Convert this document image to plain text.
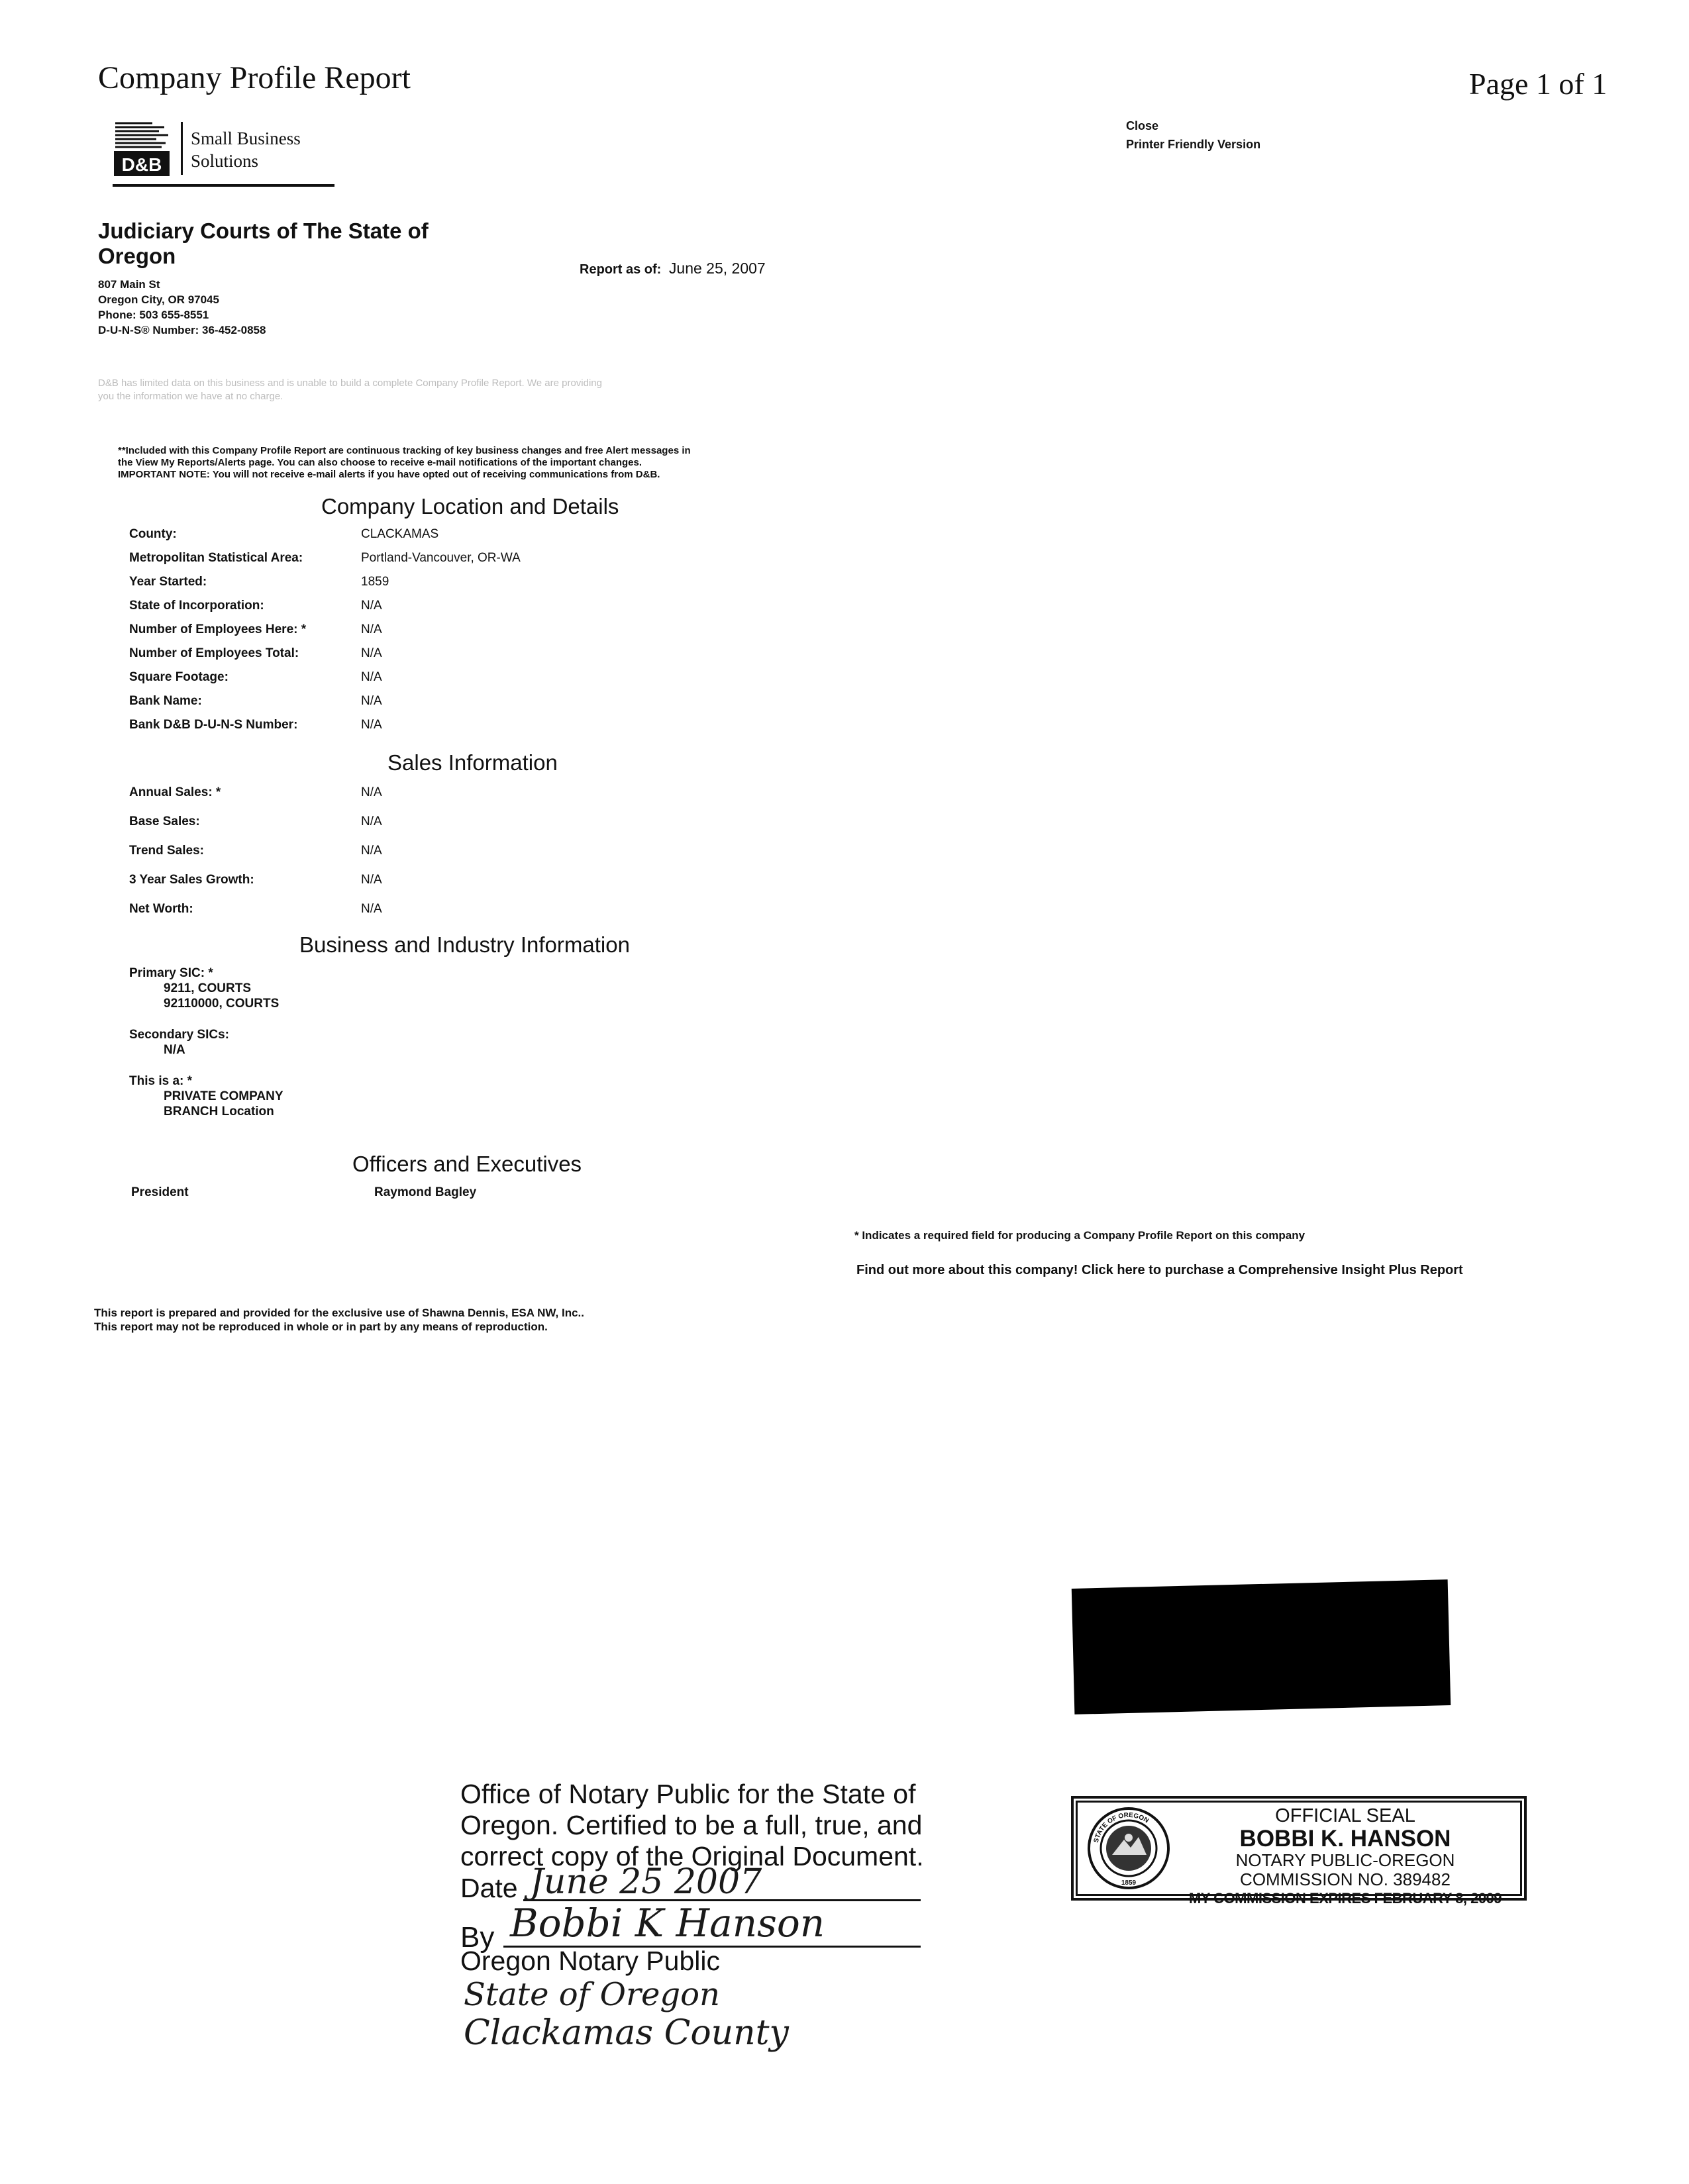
Company Profile Report	Page 1 of 1
D&B
Small Business
Solutions
Close
Printer Friendly Version
Judiciary Courts of The State of
Oregon
807 Main St
Oregon City, OR 97045
Phone: 503 655-8551
D-U-N-S® Number: 36-452-0858
Report as of: June 25, 2007
D&B has limited data on this business and is unable to build a complete Company Profile Report. We are providing
you the information we have at no charge.
**Included with this Company Profile Report are continuous tracking of key business changes and free Alert messages in
the View My Reports/Alerts page. You can also choose to receive e-mail notifications of the important changes.
IMPORTANT NOTE: You will not receive e-mail alerts if you have opted out of receiving communications from D&B.
Company Location and Details
County:	CLACKAMAS
Metropolitan Statistical Area:	Portland-Vancouver, OR-WA
Year Started:	1859
State of Incorporation:	N/A
Number of Employees Here: *	N/A
Number of Employees Total:	N/A
Square Footage:	N/A
Bank Name:	N/A
Bank D&B D-U-N-S Number:	N/A
Sales Information
Annual Sales: *	N/A
Base Sales:	N/A
Trend Sales:	N/A
3 Year Sales Growth:	N/A
Net Worth:	N/A
Business and Industry Information
Primary SIC: *
9211, COURTS
92110000, COURTS
Secondary SICs:
N/A
This is a: *
PRIVATE COMPANY
BRANCH Location
Officers and Executives
President	Raymond Bagley
* Indicates a required field for producing a Company Profile Report on this company
Find out more about this company! Click here to purchase a Comprehensive Insight Plus Report
This report is prepared and provided for the exclusive use of Shawna Dennis, ESA NW, Inc..
This report may not be reproduced in whole or in part by any means of reproduction.
Office of Notary Public for the State of
Oregon. Certified to be a full, true, and
correct copy of the Original Document.
Date June 25 2007
By Bobbi K Hanson
Oregon Notary Public
State of Oregon
Clackamas County
STATE OF OREGON
1859
OFFICIAL SEAL
BOBBI K. HANSON
NOTARY PUBLIC-OREGON
COMMISSION NO. 389482
MY COMMISSION EXPIRES FEBRUARY 8, 2009
